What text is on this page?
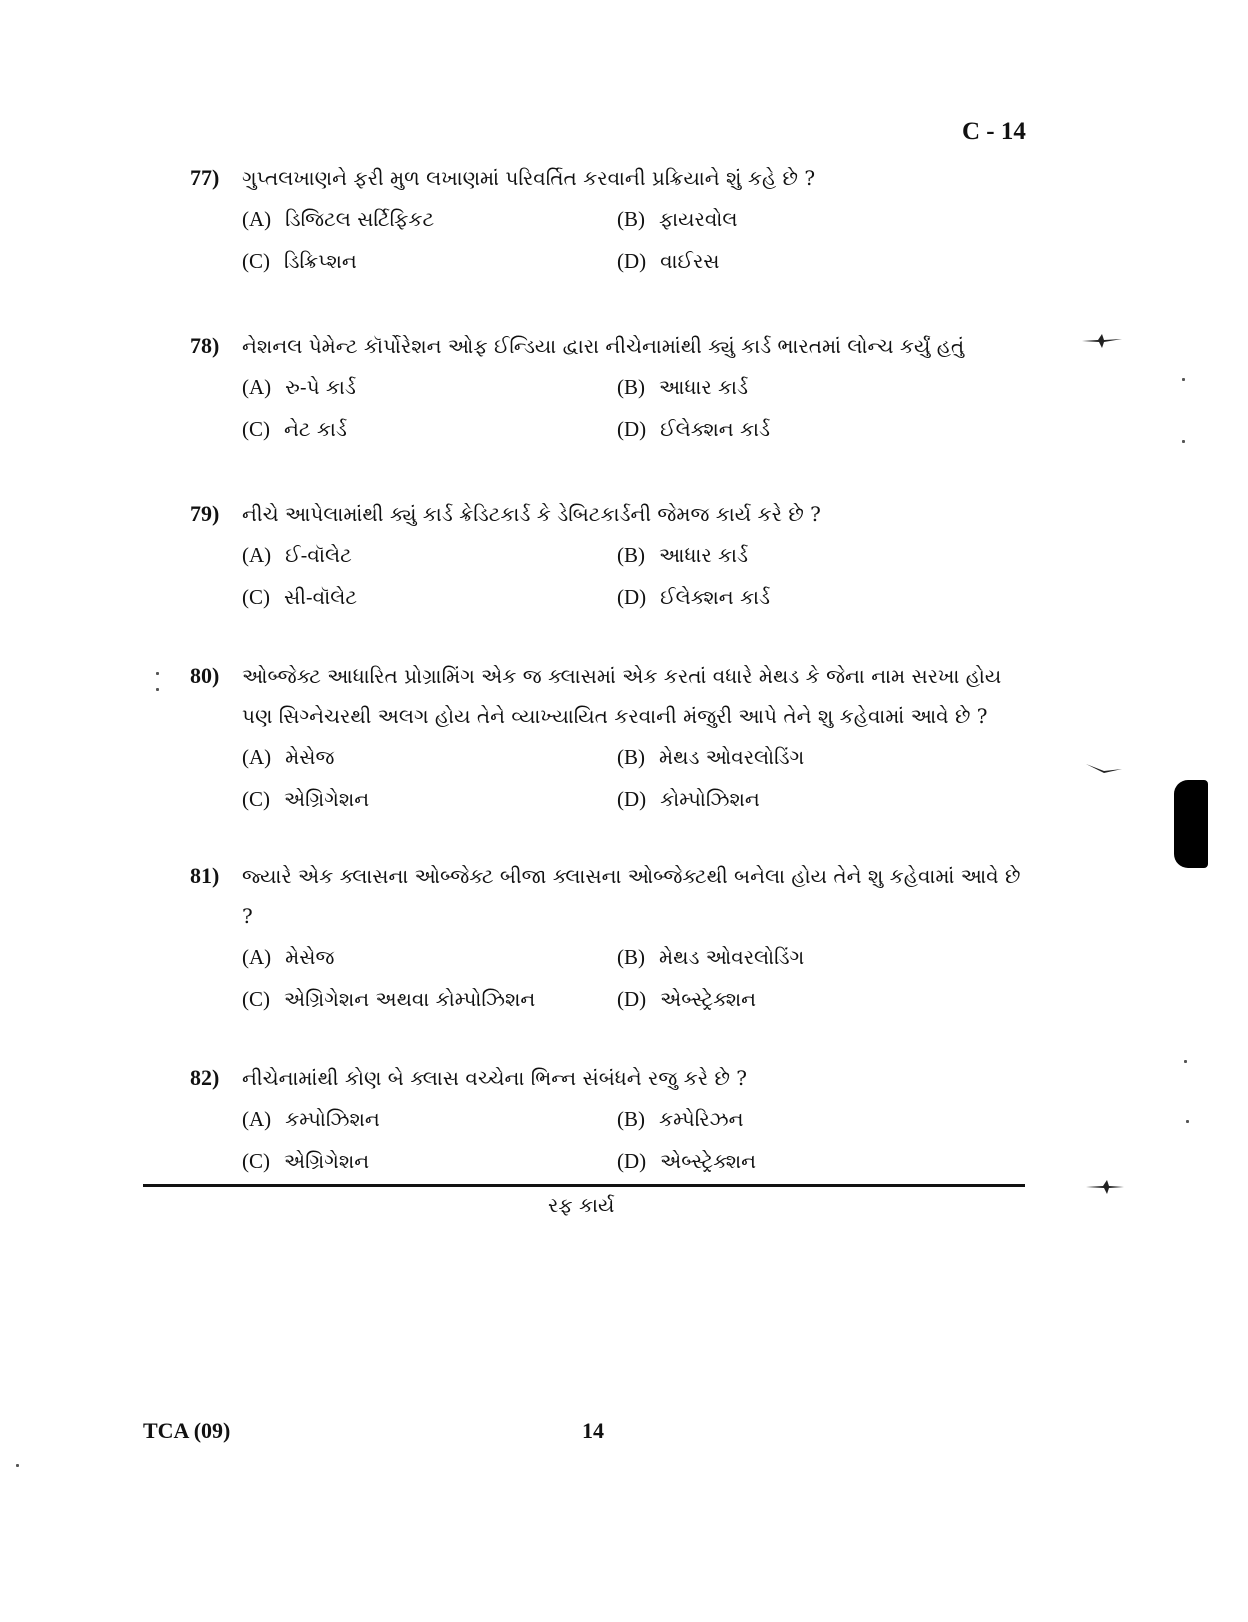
C - 14
77)	ગુપ્તલખાણને ફરી મુળ લખાણમાં પરિવર્તિત કરવાની પ્રક્રિયાને શું કહે છે ?
(A) ડિજિટલ સર્ટિફિકટ	(B) ફાયરવોલ
(C) ડિક્રિપ્શન	(D) વાઈરસ
78)	નેશનલ પેમેન્ટ કૉર્પોરેશન ઓફ ઈન્ડિયા દ્વારા નીચેનામાંથી ક્યું કાર્ડ ભારતમાં લોન્ચ કર્યું હતું
(A) રુ-પે કાર્ડ	(B) આધાર કાર્ડ
(C) નેટ કાર્ડ	(D) ઈલેક્શન કાર્ડ
79)	નીચે આપેલામાંથી ક્યું કાર્ડ ક્રેડિટકાર્ડ કે ડેબિટકાર્ડની જેમજ કાર્ય કરે છે ?
(A) ઈ-વૉલેટ	(B) આધાર કાર્ડ
(C) સી-વૉલેટ	(D) ઈલેક્શન કાર્ડ
80)	ઓબ્જેક્ટ આધારિત પ્રોગ્રામિંગ એક જ ક્લાસમાં એક કરતાં વધારે મેથડ કે જેના નામ સરખા હોય પણ સિગ્નેચરથી અલગ હોય તેને વ્યાખ્યાયિત કરવાની મંજુરી આપે તેને શુ કહેવામાં આવે છે ?
(A) મેસેજ	(B) મેથડ ઓવરલોડિંગ
(C) એગ્રિગેશન	(D) કોમ્પોઝિશન
81)	જ્યારે એક ક્લાસના ઓબ્જેક્ટ બીજા ક્લાસના ઓબ્જેક્ટથી બનેલા હોય તેને શુ કહેવામાં આવે છે ?
(A) મેસેજ	(B) મેથડ ઓવરલોડિંગ
(C) એગ્રિગેશન અથવા કોમ્પોઝિશન	(D) એબ્સ્ટ્રેક્શન
82)	નીચેનામાંથી કોણ બે ક્લાસ વચ્ચેના ભિન્ન સંબંધને રજુ કરે છે ?
(A) કમ્પોઝિશન	(B) કમ્પેરિઝન
(C) એગ્રિગેશન	(D) એબ્સ્ટ્રેક્શન
રફ કાર્ય
TCA (09)	14
